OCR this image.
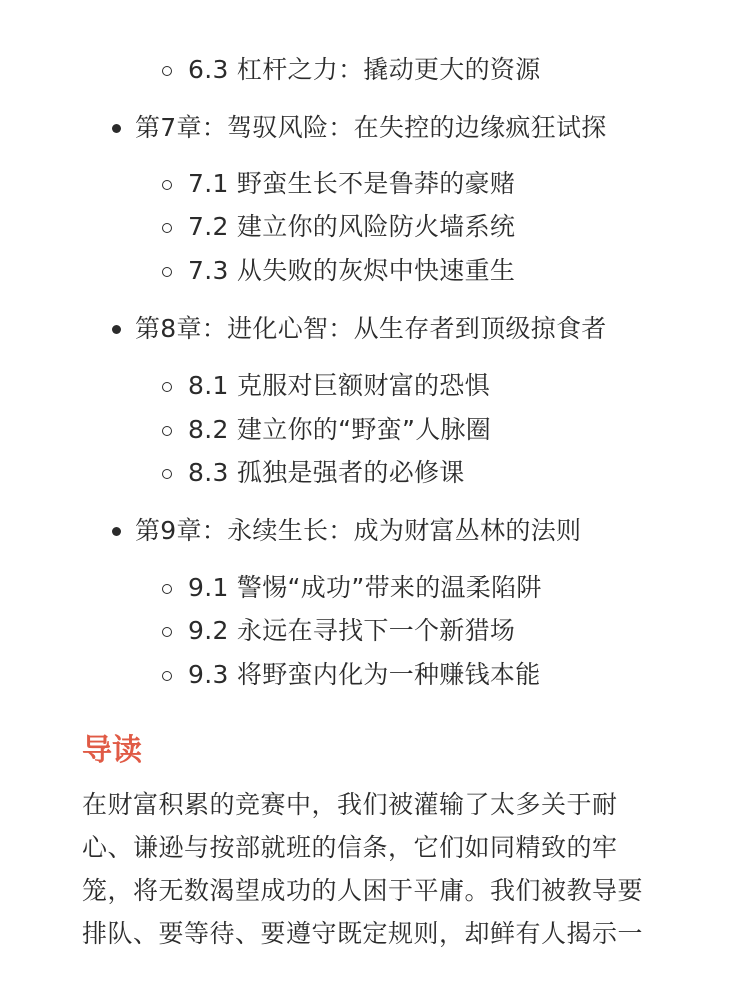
6.3 杠杆之力：撬动更大的资源
第7章：驾驭风险：在失控的边缘疯狂试探
7.1 野蛮生长不是鲁莽的豪赌
7.2 建立你的风险防火墙系统
7.3 从失败的灰烬中快速重生
第8章：进化心智：从生存者到顶级掠食者
8.1 克服对巨额财富的恐惧
8.2 建立你的“野蛮”人脉圈
8.3 孤独是强者的必修课
第9章：永续生长：成为财富丛林的法则
9.1 警惕“成功”带来的温柔陷阱
9.2 永远在寻找下一个新猎场
9.3 将野蛮内化为一种赚钱本能
导读
在财富积累的竞赛中，我们被灌输了太多关于耐
心、谦逊与按部就班的信条，它们如同精致的牢
笼，将无数渴望成功的人困于平庸。我们被教导要
排队、要等待、要遵守既定规则，却鲜有人揭示一
